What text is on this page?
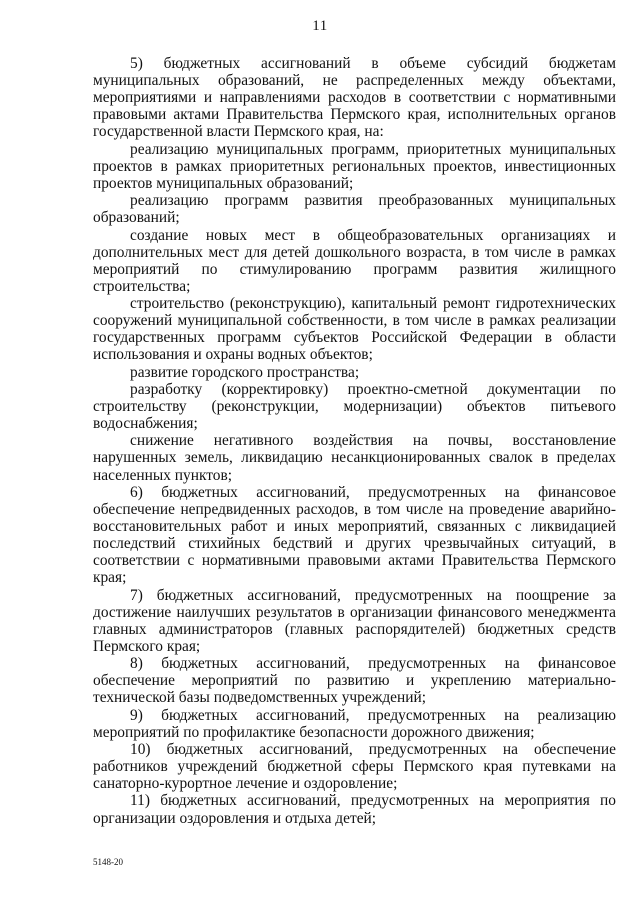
11

5) бюджетных ассигнований в объеме субсидий бюджетам муниципальных образований, не распределенных между объектами, мероприятиями и направлениями расходов в соответствии с нормативными правовыми актами Правительства Пермского края, исполнительных органов государственной власти Пермского края, на:

реализацию муниципальных программ, приоритетных муниципальных проектов в рамках приоритетных региональных проектов, инвестиционных проектов муниципальных образований;

реализацию программ развития преобразованных муниципальных образований;

создание новых мест в общеобразовательных организациях и дополнительных мест для детей дошкольного возраста, в том числе в рамках мероприятий по стимулированию программ развития жилищного строительства;

строительство (реконструкцию), капитальный ремонт гидротехнических сооружений муниципальной собственности, в том числе в рамках реализации государственных программ субъектов Российской Федерации в области использования и охраны водных объектов;

развитие городского пространства;

разработку (корректировку) проектно-сметной документации по строительству (реконструкции, модернизации) объектов питьевого водоснабжения;

снижение негативного воздействия на почвы, восстановление нарушенных земель, ликвидацию несанкционированных свалок в пределах населенных пунктов;

6) бюджетных ассигнований, предусмотренных на финансовое обеспечение непредвиденных расходов, в том числе на проведение аварийно-восстановительных работ и иных мероприятий, связанных с ликвидацией последствий стихийных бедствий и других чрезвычайных ситуаций, в соответствии с нормативными правовыми актами Правительства Пермского края;

7) бюджетных ассигнований, предусмотренных на поощрение за достижение наилучших результатов в организации финансового менеджмента главных администраторов (главных распорядителей) бюджетных средств Пермского края;

8) бюджетных ассигнований, предусмотренных на финансовое обеспечение мероприятий по развитию и укреплению материально-технической базы подведомственных учреждений;

9) бюджетных ассигнований, предусмотренных на реализацию мероприятий по профилактике безопасности дорожного движения;

10) бюджетных ассигнований, предусмотренных на обеспечение работников учреждений бюджетной сферы Пермского края путевками на санаторно-курортное лечение и оздоровление;

11) бюджетных ассигнований, предусмотренных на мероприятия по организации оздоровления и отдыха детей;

5148-20
